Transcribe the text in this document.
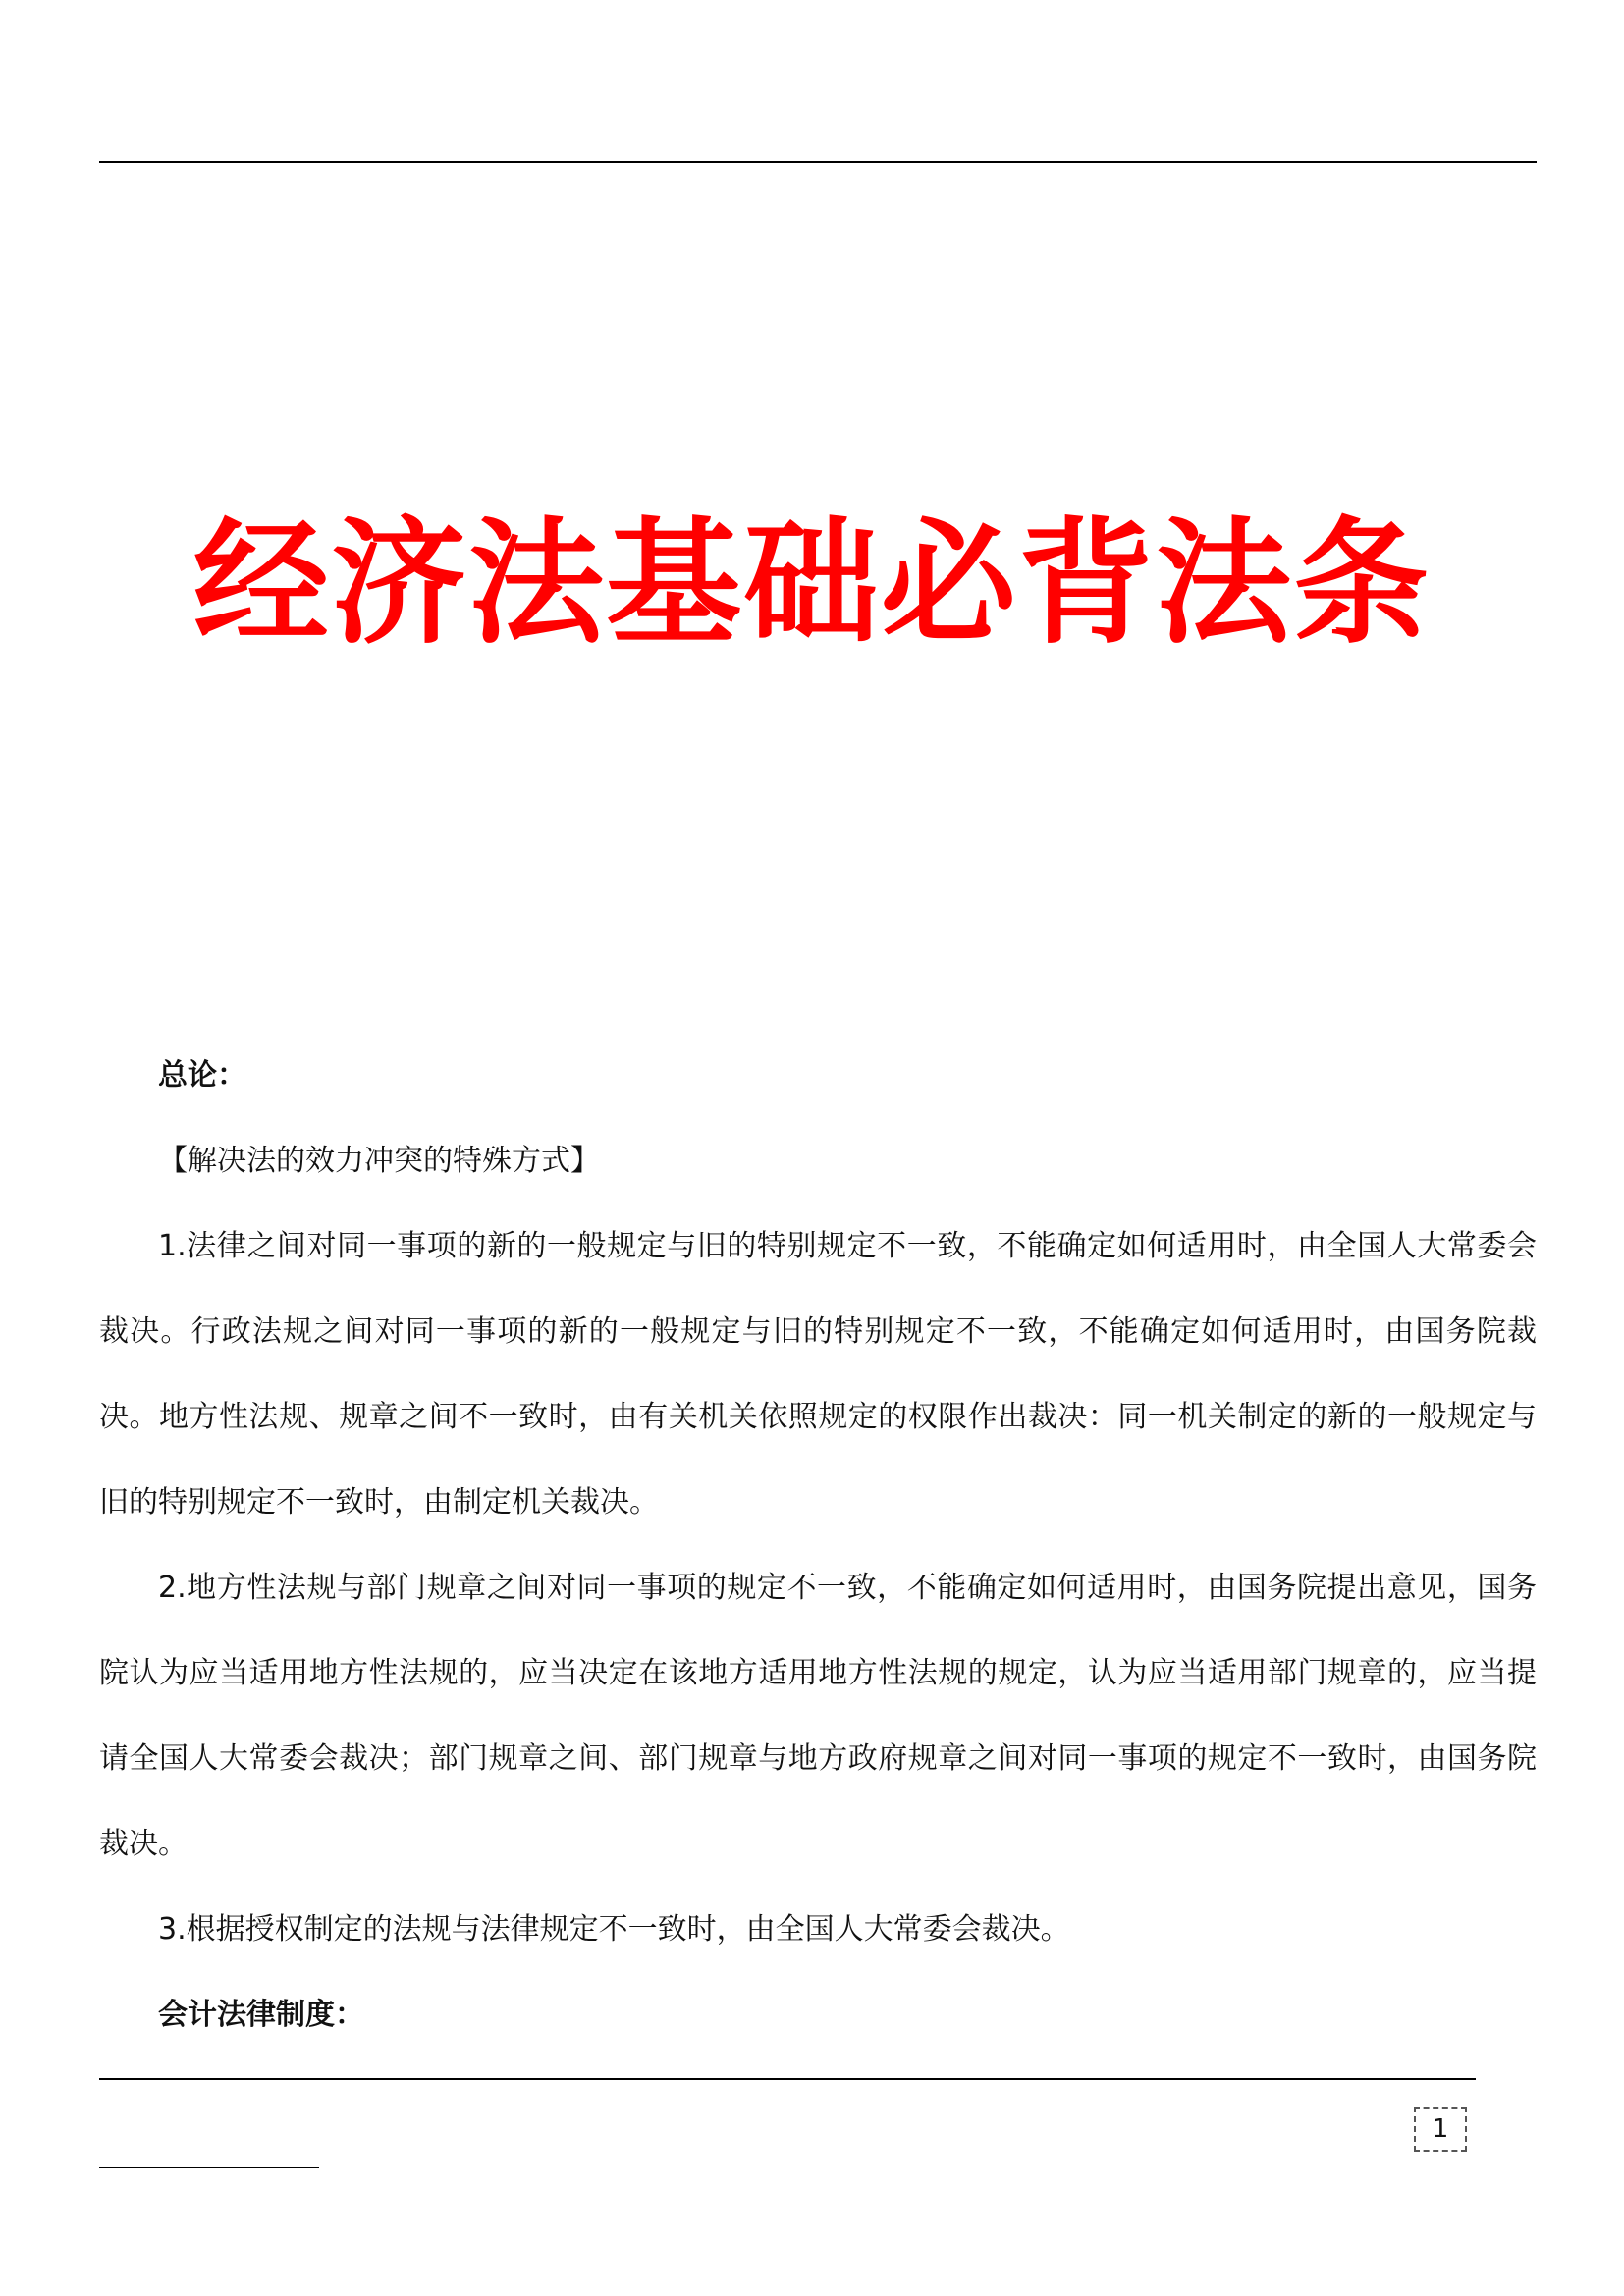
经济法基础必背法条

总论：

【解决法的效力冲突的特殊方式】

1.法律之间对同一事项的新的一般规定与旧的特别规定不一致，不能确定如何适用时，由全国人大常委会裁决。行政法规之间对同一事项的新的一般规定与旧的特别规定不一致，不能确定如何适用时，由国务院裁决。地方性法规、规章之间不一致时，由有关机关依照规定的权限作出裁决：同一机关制定的新的一般规定与旧的特别规定不一致时，由制定机关裁决。

2.地方性法规与部门规章之间对同一事项的规定不一致，不能确定如何适用时，由国务院提出意见，国务院认为应当适用地方性法规的，应当决定在该地方适用地方性法规的规定，认为应当适用部门规章的，应当提请全国人大常委会裁决；部门规章之间、部门规章与地方政府规章之间对同一事项的规定不一致时，由国务院裁决。

3.根据授权制定的法规与法律规定不一致时，由全国人大常委会裁决。

会计法律制度：

1
